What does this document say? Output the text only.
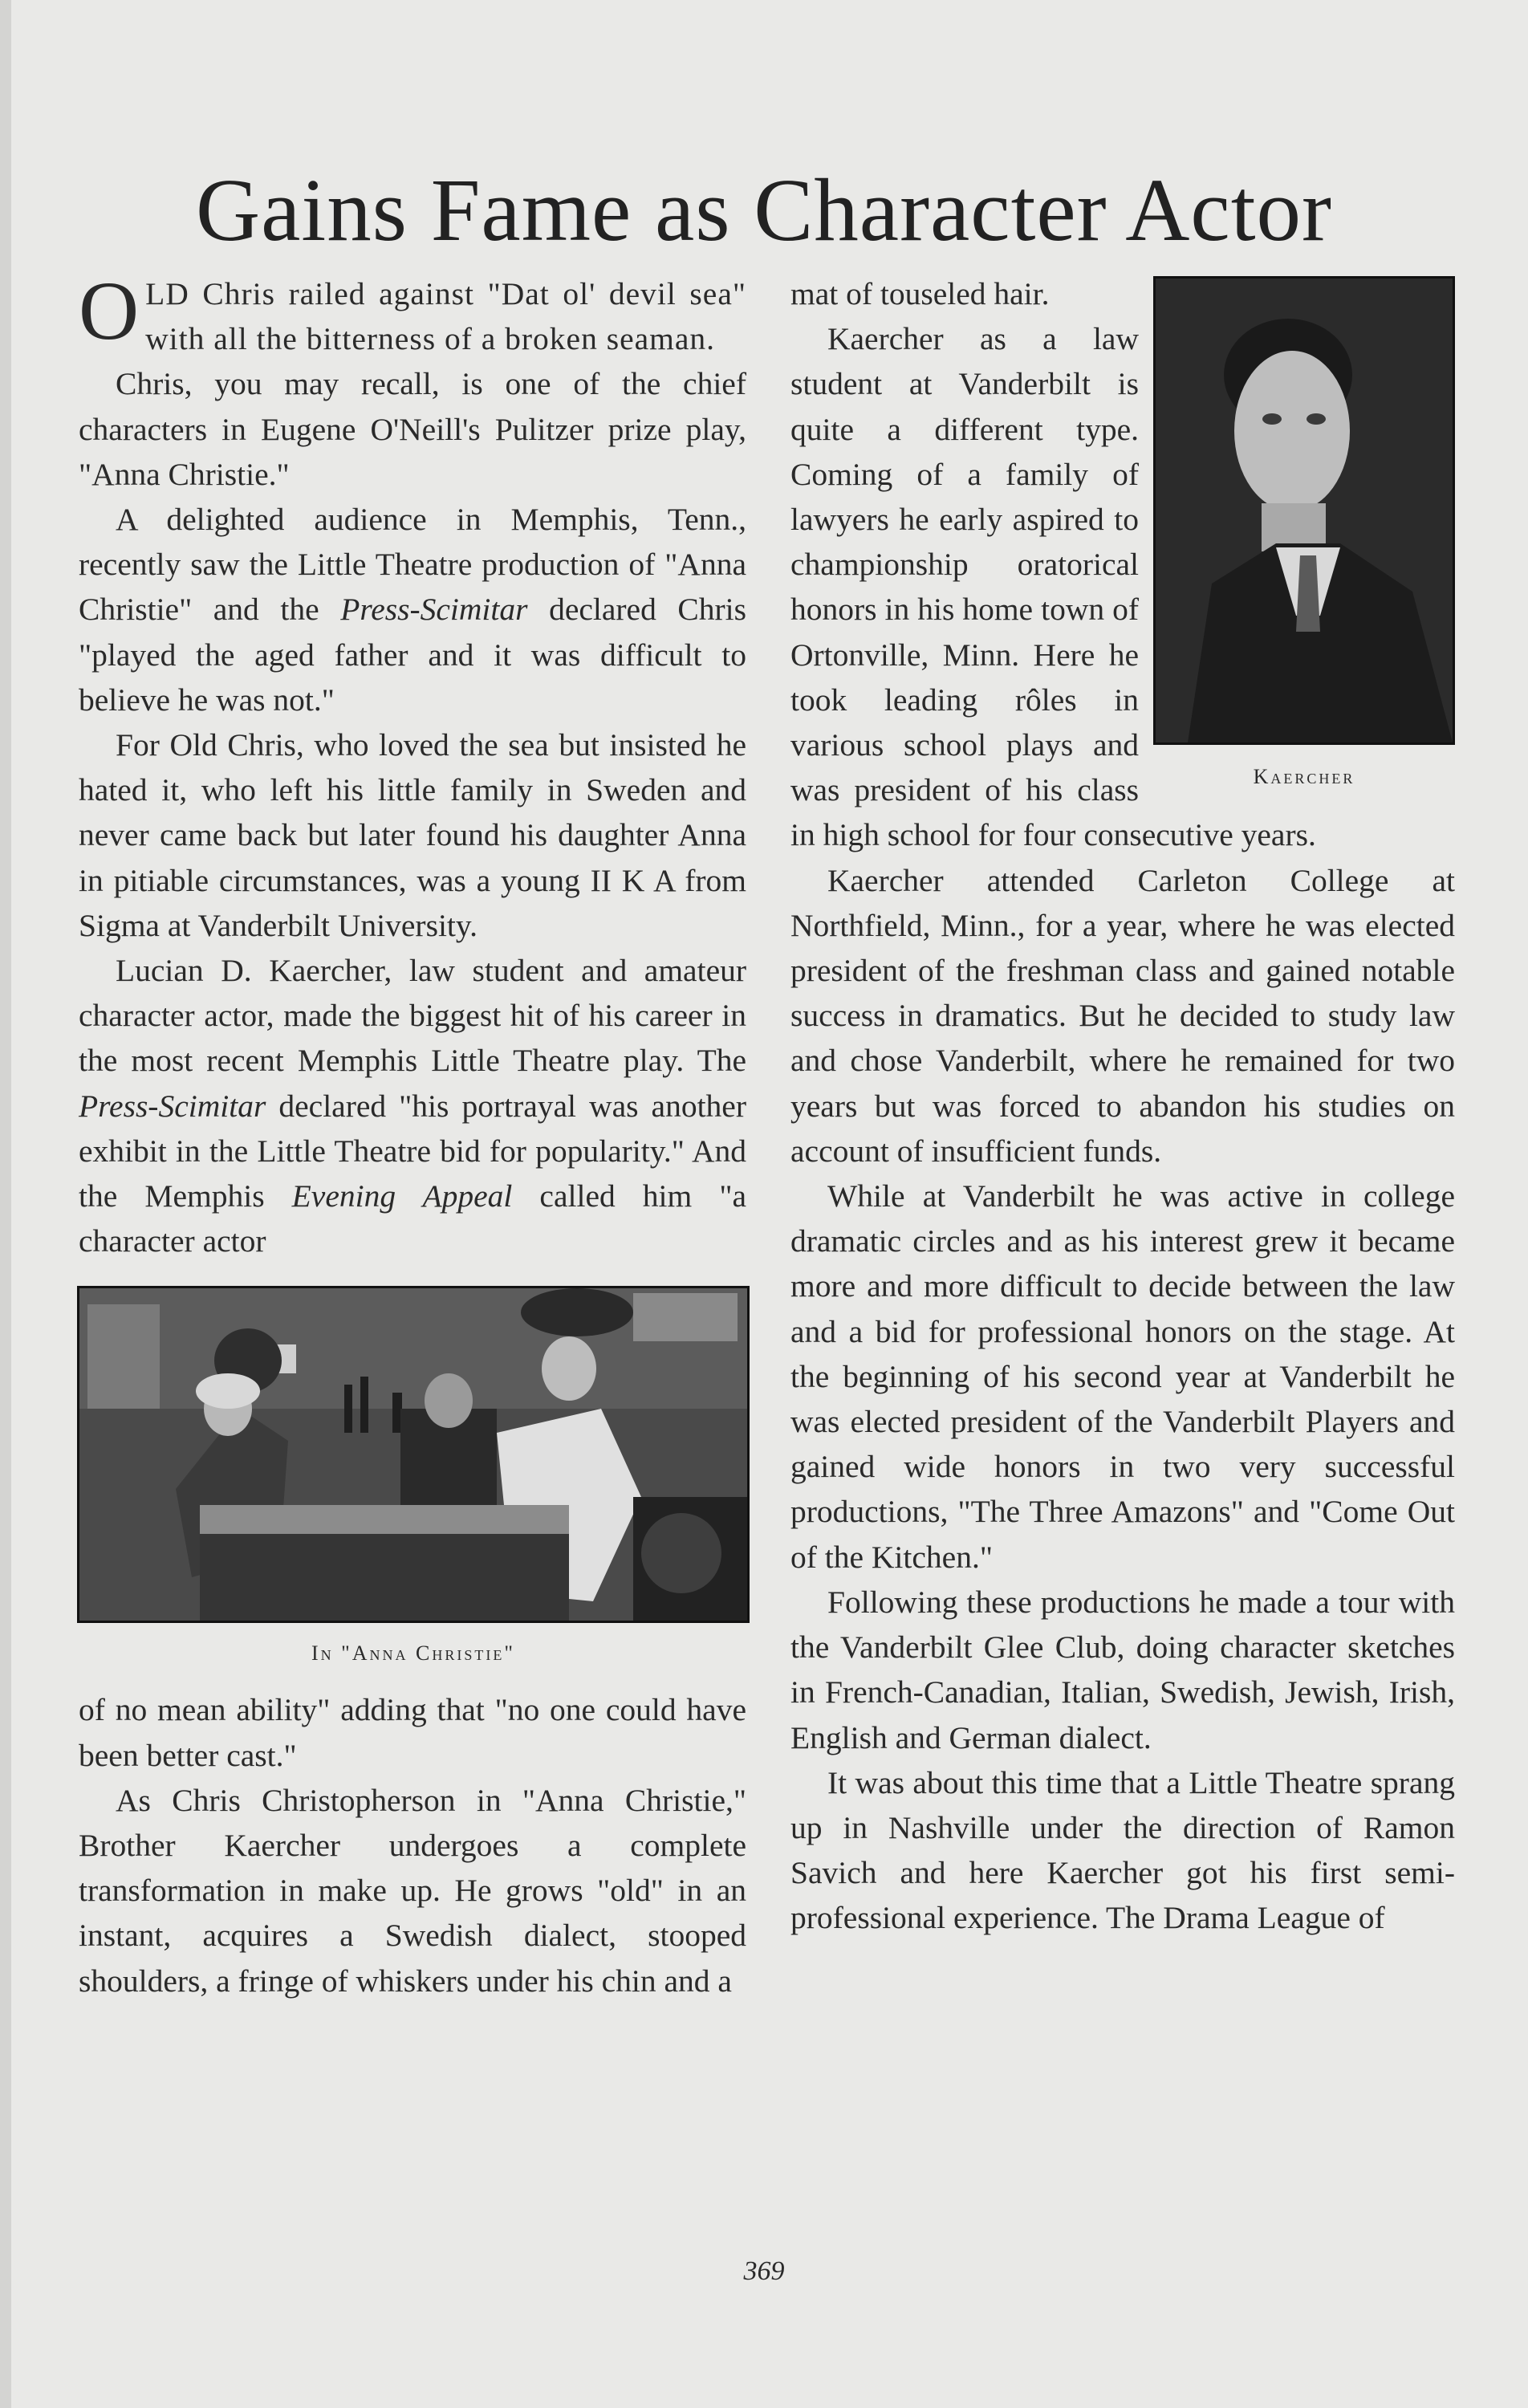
Gains Fame as Character Actor

OLD Chris railed against "Dat ol' devil sea" with all the bitterness of a broken seaman.

Chris, you may recall, is one of the chief characters in Eugene O'Neill's Pulitzer prize play, "Anna Christie."

A delighted audience in Memphis, Tenn., recently saw the Little Theatre production of "Anna Christie" and the Press-Scimitar declared Chris "played the aged father and it was difficult to believe he was not."

For Old Chris, who loved the sea but insisted he hated it, who left his little family in Sweden and never came back but later found his daughter Anna in pitiable circumstances, was a young II K A from Sigma at Vanderbilt University.

Lucian D. Kaercher, law student and amateur character actor, made the biggest hit of his career in the most recent Memphis Little Theatre play. The Press-Scimitar declared "his portrayal was another exhibit in the Little Theatre bid for popularity." And the Memphis Evening Appeal called him "a character actor

In "Anna Christie"

of no mean ability" adding that "no one could have been better cast."

As Chris Christopherson in "Anna Christie," Brother Kaercher undergoes a complete transformation in make up. He grows "old" in an instant, acquires a Swedish dialect, stooped shoulders, a fringe of whiskers under his chin and a

Kaercher

mat of touseled hair.

Kaercher as a law student at Vanderbilt is quite a different type. Coming of a family of lawyers he early aspired to championship oratorical honors in his home town of Ortonville, Minn. Here he took leading rôles in various school plays and was president of his class in high school for four consecutive years.

Kaercher attended Carleton College at Northfield, Minn., for a year, where he was elected president of the freshman class and gained notable success in dramatics. But he decided to study law and chose Vanderbilt, where he remained for two years but was forced to abandon his studies on account of insufficient funds.

While at Vanderbilt he was active in college dramatic circles and as his interest grew it became more and more difficult to decide between the law and a bid for professional honors on the stage. At the beginning of his second year at Vanderbilt he was elected president of the Vanderbilt Players and gained wide honors in two very successful productions, "The Three Amazons" and "Come Out of the Kitchen."

Following these productions he made a tour with the Vanderbilt Glee Club, doing character sketches in French-Canadian, Italian, Swedish, Jewish, Irish, English and German dialect.

It was about this time that a Little Theatre sprang up in Nashville under the direction of Ramon Savich and here Kaercher got his first semi-professional experience. The Drama League of

369
